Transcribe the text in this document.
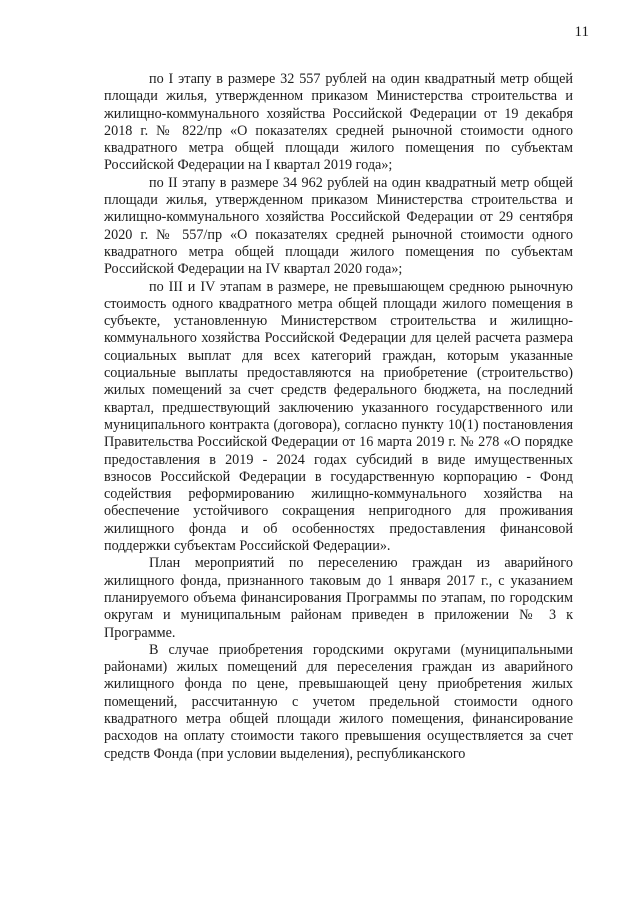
11

по I этапу в размере 32 557 рублей на один квадратный метр общей площади жилья, утвержденном приказом Министерства строительства и жилищно-коммунального хозяйства Российской Федерации от 19 декабря 2018 г. № 822/пр «О показателях средней рыночной стоимости одного квадратного метра общей площади жилого помещения по субъектам Российской Федерации на I квартал 2019 года»;

по II этапу в размере 34 962 рублей на один квадратный метр общей площади жилья, утвержденном приказом Министерства строительства и жилищно-коммунального хозяйства Российской Федерации от 29 сентября 2020 г. № 557/пр «О показателях средней рыночной стоимости одного квадратного метра общей площади жилого помещения по субъектам Российской Федерации на IV квартал 2020 года»;

по III и IV этапам в размере, не превышающем среднюю рыночную стоимость одного квадратного метра общей площади жилого помещения в субъекте, установленную Министерством строительства и жилищно-коммунального хозяйства Российской Федерации для целей расчета размера социальных выплат для всех категорий граждан, которым указанные социальные выплаты предоставляются на приобретение (строительство) жилых помещений за счет средств федерального бюджета, на последний квартал, предшествующий заключению указанного государственного или муниципального контракта (договора), согласно пункту 10(1) постановления Правительства Российской Федерации от 16 марта 2019 г. № 278 «О порядке предоставления в 2019 - 2024 годах субсидий в виде имущественных взносов Российской Федерации в государственную корпорацию - Фонд содействия реформированию жилищно-коммунального хозяйства на обеспечение устойчивого сокращения непригодного для проживания жилищного фонда и об особенностях предоставления финансовой поддержки субъектам Российской Федерации».

План мероприятий по переселению граждан из аварийного жилищного фонда, признанного таковым до 1 января 2017 г., с указанием планируемого объема финансирования Программы по этапам, по городским округам и муниципальным районам приведен в приложении № 3 к Программе.

В случае приобретения городскими округами (муниципальными районами) жилых помещений для переселения граждан из аварийного жилищного фонда по цене, превышающей цену приобретения жилых помещений, рассчитанную с учетом предельной стоимости одного квадратного метра общей площади жилого помещения, финансирование расходов на оплату стоимости такого превышения осуществляется за счет средств Фонда (при условии выделения), республиканского
